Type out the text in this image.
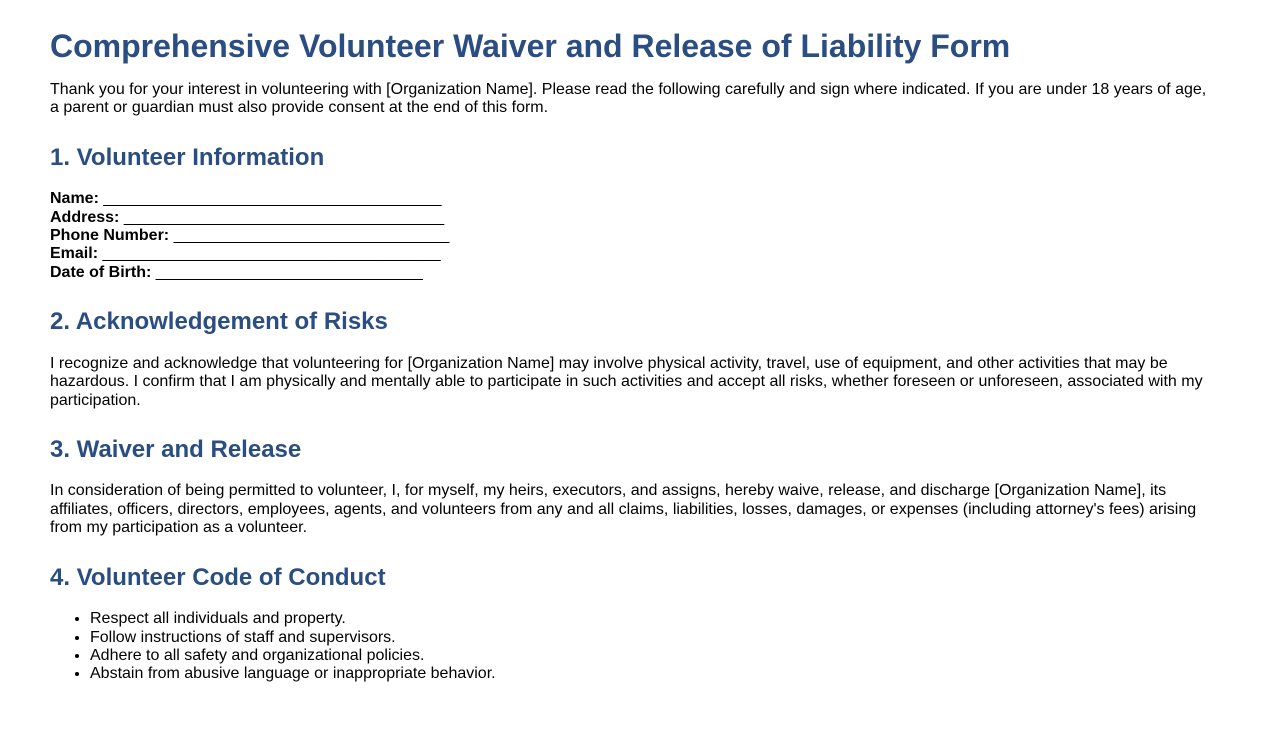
Comprehensive Volunteer Waiver and Release of Liability Form

Thank you for your interest in volunteering with [Organization Name]. Please read the following carefully and sign where indicated. If you are under 18 years of age, a parent or guardian must also provide consent at the end of this form.

1. Volunteer Information

Name: ______________________________________
Address: ____________________________________
Phone Number: _______________________________
Email: ______________________________________
Date of Birth: ______________________________

2. Acknowledgement of Risks

I recognize and acknowledge that volunteering for [Organization Name] may involve physical activity, travel, use of equipment, and other activities that may be hazardous. I confirm that I am physically and mentally able to participate in such activities and accept all risks, whether foreseen or unforeseen, associated with my participation.

3. Waiver and Release

In consideration of being permitted to volunteer, I, for myself, my heirs, executors, and assigns, hereby waive, release, and discharge [Organization Name], its affiliates, officers, directors, employees, agents, and volunteers from any and all claims, liabilities, losses, damages, or expenses (including attorney's fees) arising from my participation as a volunteer.

4. Volunteer Code of Conduct
• Respect all individuals and property.
• Follow instructions of staff and supervisors.
• Adhere to all safety and organizational policies.
• Abstain from abusive language or inappropriate behavior.
